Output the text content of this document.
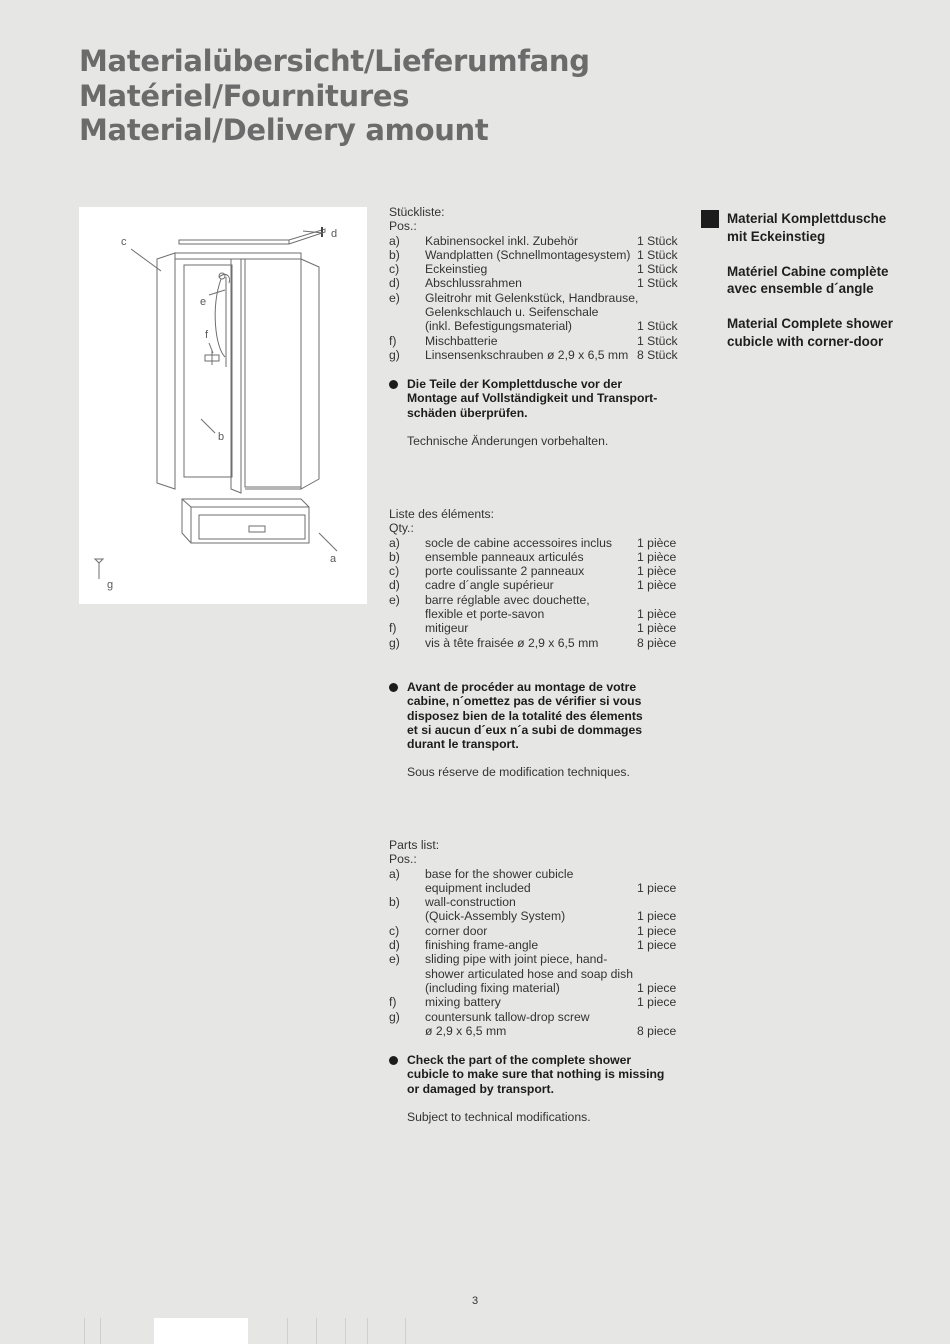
Materialübersicht/Lieferumfang
Matériel/Fournitures
Material/Delivery amount
c
d
e
f
b
a
g
Stückliste:
Pos.:
a)	Kabinensockel inkl. Zubehör	1 Stück
b)	Wandplatten (Schnellmontagesystem) 1 Stück
c)	Eckeinstieg	1 Stück
d)	Abschlussrahmen	1 Stück
e)	Gleitrohr mit Gelenkstück, Handbrause,
Gelenkschlauch u. Seifenschale
(inkl. Befestigungsmaterial)	1 Stück
f)	Mischbatterie	1 Stück
g)	Linsensenkschrauben ø 2,9 x 6,5 mm 8 Stück
Die Teile der Komplettdusche vor der
Montage auf Vollständigkeit und Transport-
schäden überprüfen.
Technische Änderungen vorbehalten.
Liste des éléments:
Qty.:
a)	socle de cabine accessoires inclus	1 pièce
b)	ensemble panneaux articulés	1 pièce
c)	porte coulissante 2 panneaux	1 pièce
d)	cadre d´angle supérieur	1 pièce
e)	barre réglable avec douchette,
flexible et porte-savon	1 pièce
f)	mitigeur	1 pièce
g)	vis à tête fraisée ø 2,9 x 6,5 mm	8 pièce
Avant de procéder au montage de votre
cabine, n´omettez pas de vérifier si vous
disposez bien de la totalité des élements
et si aucun d´eux n´a subi de dommages
durant le transport.
Sous réserve de modification techniques.
Parts list:
Pos.:
a)	base for the shower cubicle
equipment included	1 piece
b)	wall-construction
(Quick-Assembly System)	1 piece
c)	corner door	1 piece
d)	finishing frame-angle	1 piece
e)	sliding pipe with joint piece, hand-
shower articulated hose and soap dish
(including fixing material)	1 piece
f)	mixing battery	1 piece
g)	countersunk tallow-drop screw
ø 2,9 x 6,5 mm	8 piece
Check the part of the complete shower
cubicle to make sure that nothing is missing
or damaged by transport.
Subject to technical modifications.
Material Komplettdusche
mit Eckeinstieg
Matériel Cabine complète
avec ensemble d´angle
Material Complete shower
cubicle with corner-door
3
